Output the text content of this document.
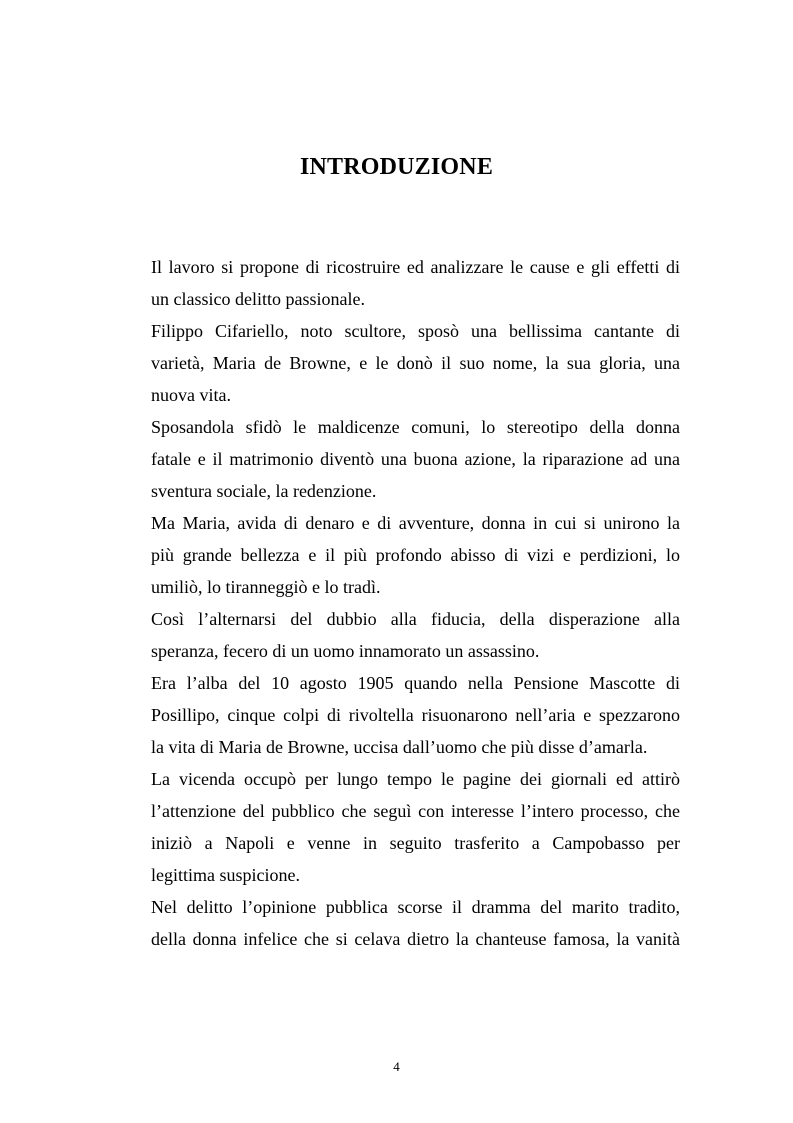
INTRODUZIONE
Il lavoro si propone di ricostruire ed analizzare le cause e gli effetti di
un classico delitto passionale.
Filippo Cifariello, noto scultore, sposò una bellissima cantante di
varietà, Maria de Browne, e le donò il suo nome, la sua gloria, una
nuova vita.
Sposandola sfidò le maldicenze comuni, lo stereotipo della donna
fatale e il matrimonio diventò una buona azione, la riparazione ad una
sventura sociale, la redenzione.
Ma Maria, avida di denaro e di avventure, donna in cui si unirono la
più grande bellezza e il più profondo abisso di vizi e perdizioni, lo
umiliò, lo tiranneggiò e lo tradì.
Così l’alternarsi del dubbio alla fiducia, della disperazione alla
speranza, fecero di un uomo innamorato un assassino.
Era l’alba del 10 agosto 1905 quando nella Pensione Mascotte di
Posillipo, cinque colpi di rivoltella risuonarono nell’aria e spezzarono
la vita di Maria de Browne, uccisa dall’uomo che più disse d’amarla.
La vicenda occupò per lungo tempo le pagine dei giornali ed attirò
l’attenzione del pubblico che seguì con interesse l’intero processo, che
iniziò a Napoli e venne in seguito trasferito a Campobasso per
legittima suspicione.
Nel delitto l’opinione pubblica scorse il dramma del marito tradito,
della donna infelice che si celava dietro la chanteuse famosa, la vanità
4
